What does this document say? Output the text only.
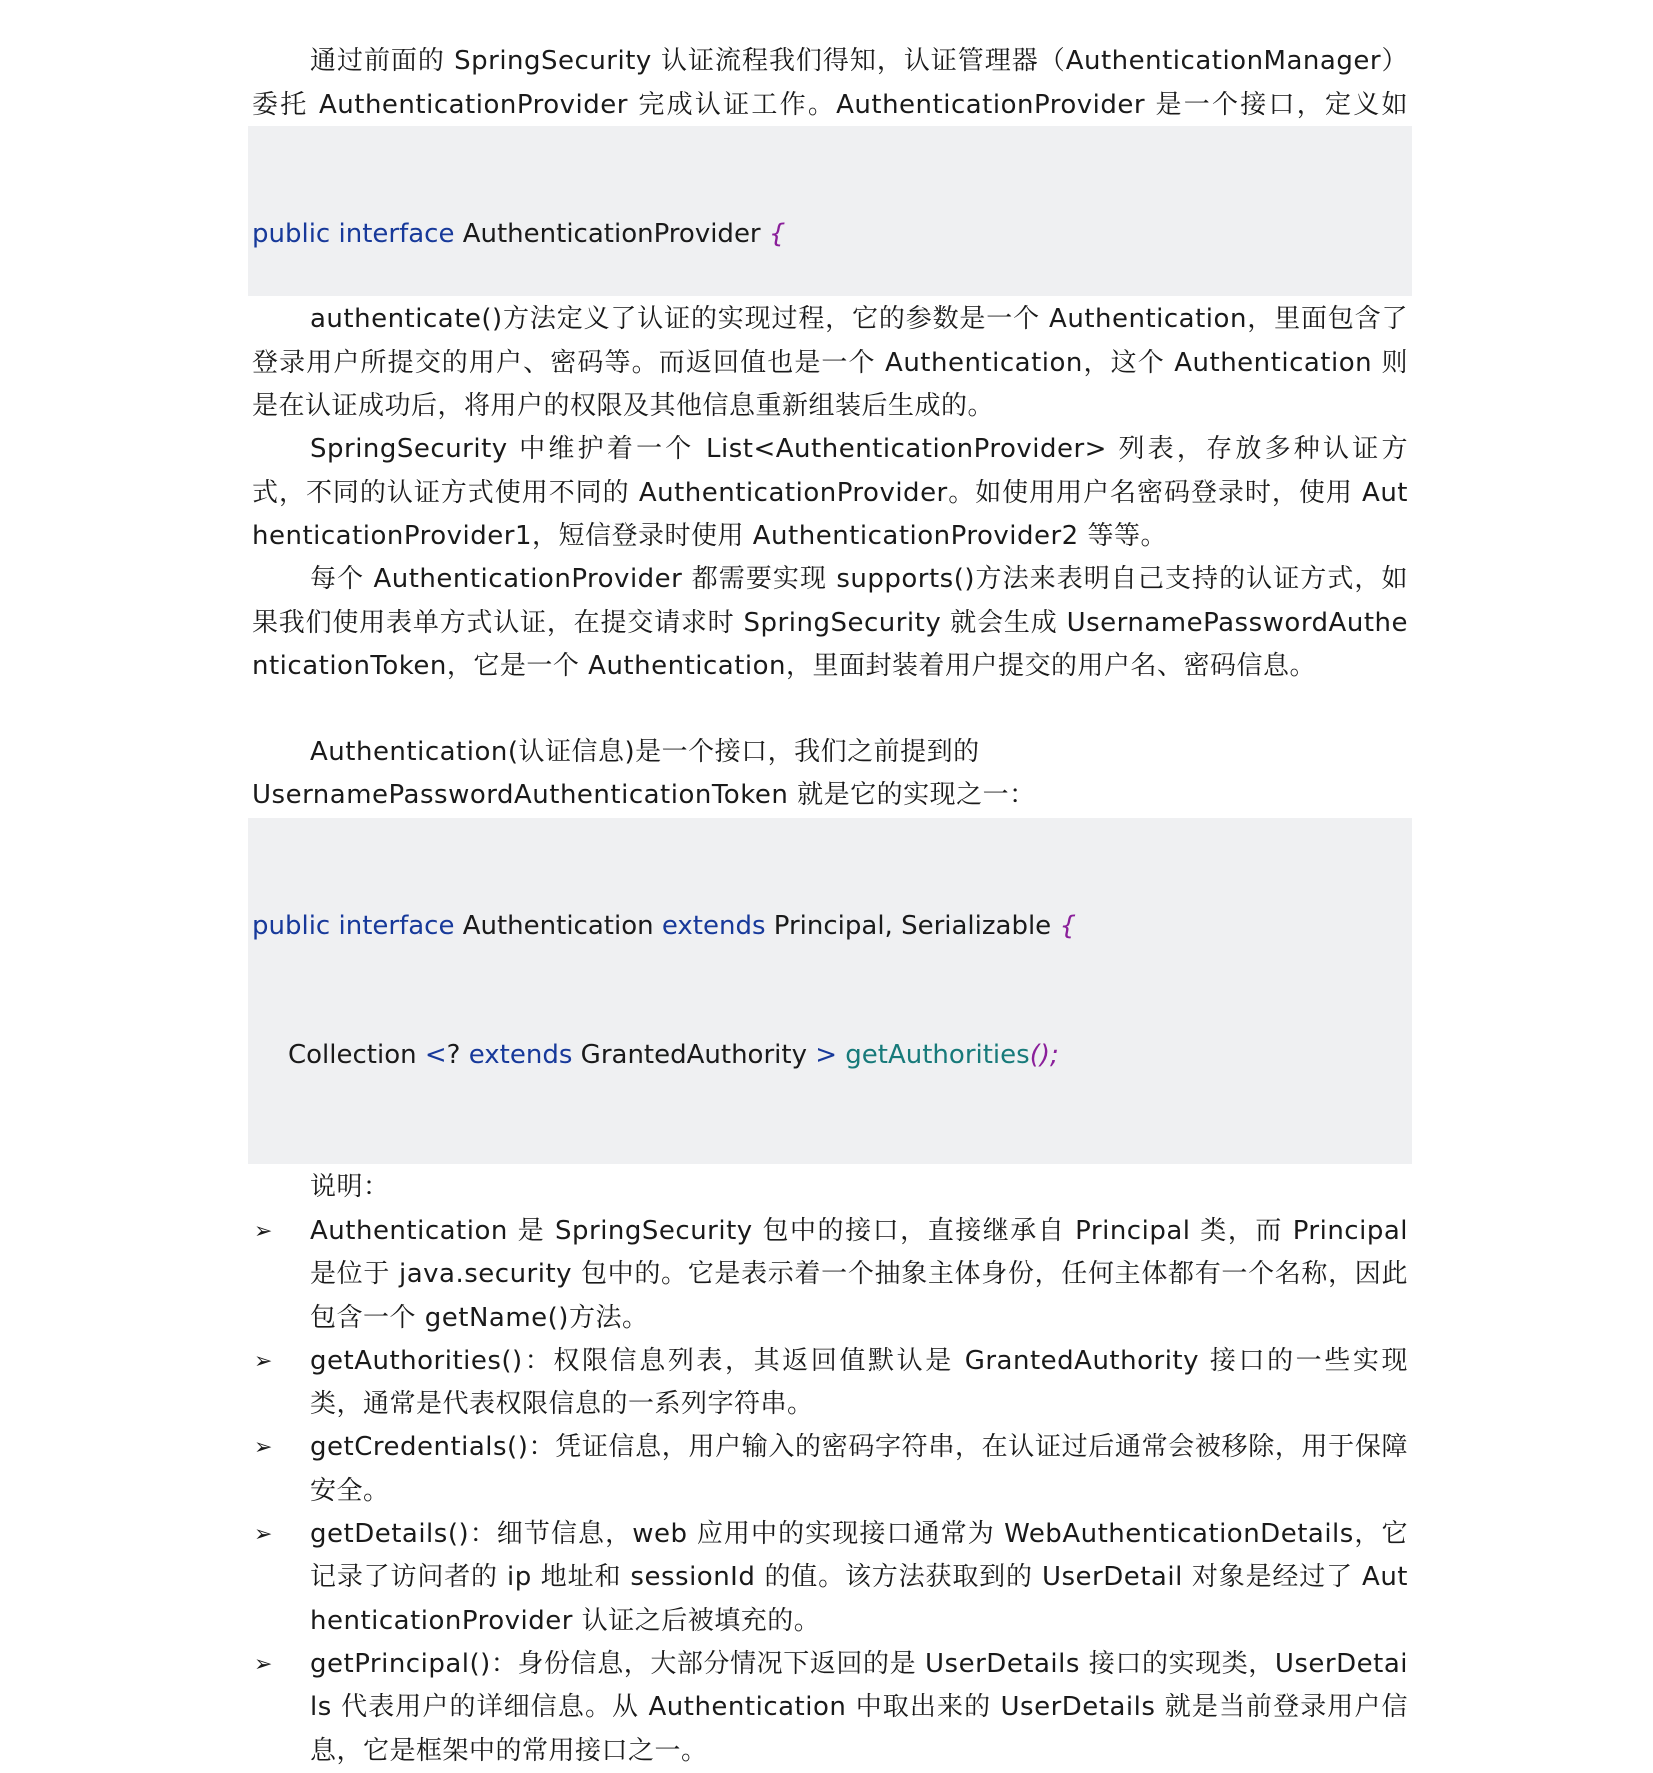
通过前面的 SpringSecurity 认证流程我们得知，认证管理器（AuthenticationManager）委托 AuthenticationProvider 完成认证工作。AuthenticationProvider 是一个接口，定义如

public interface AuthenticationProvider {

authenticate()方法定义了认证的实现过程，它的参数是一个 Authentication，里面包含了登录用户所提交的用户、密码等。而返回值也是一个 Authentication，这个 Authentication 则是在认证成功后，将用户的权限及其他信息重新组装后生成的。

SpringSecurity 中维护着一个 List<AuthenticationProvider> 列表，存放多种认证方式，不同的认证方式使用不同的 AuthenticationProvider。如使用用户名密码登录时，使用 AuthenticationProvider1，短信登录时使用 AuthenticationProvider2 等等。

每个 AuthenticationProvider 都需要实现 supports()方法来表明自己支持的认证方式，如果我们使用表单方式认证，在提交请求时 SpringSecurity 就会生成 UsernamePasswordAuthenticationToken，它是一个 Authentication，里面封装着用户提交的用户名、密码信息。

Authentication(认证信息)是一个接口，我们之前提到的

UsernamePasswordAuthenticationToken 就是它的实现之一：

public interface Authentication extends Principal, Serializable {

Collection <? extends GrantedAuthority > getAuthorities();

说明：

➢ Authentication 是 SpringSecurity 包中的接口，直接继承自 Principal 类，而 Principal 是位于 java.security 包中的。它是表示着一个抽象主体身份，任何主体都有一个名称，因此包含一个 getName()方法。
➢ getAuthorities()：权限信息列表，其返回值默认是 GrantedAuthority 接口的一些实现类，通常是代表权限信息的一系列字符串。
➢ getCredentials()：凭证信息，用户输入的密码字符串，在认证过后通常会被移除，用于保障安全。
➢ getDetails()：细节信息，web 应用中的实现接口通常为 WebAuthenticationDetails，它记录了访问者的 ip 地址和 sessionId 的值。该方法获取到的 UserDetail 对象是经过了 AuthenticationProvider 认证之后被填充的。
➢ getPrincipal()：身份信息，大部分情况下返回的是 UserDetails 接口的实现类，UserDetails 代表用户的详细信息。从 Authentication 中取出来的 UserDetails 就是当前登录用户信息，它是框架中的常用接口之一。
